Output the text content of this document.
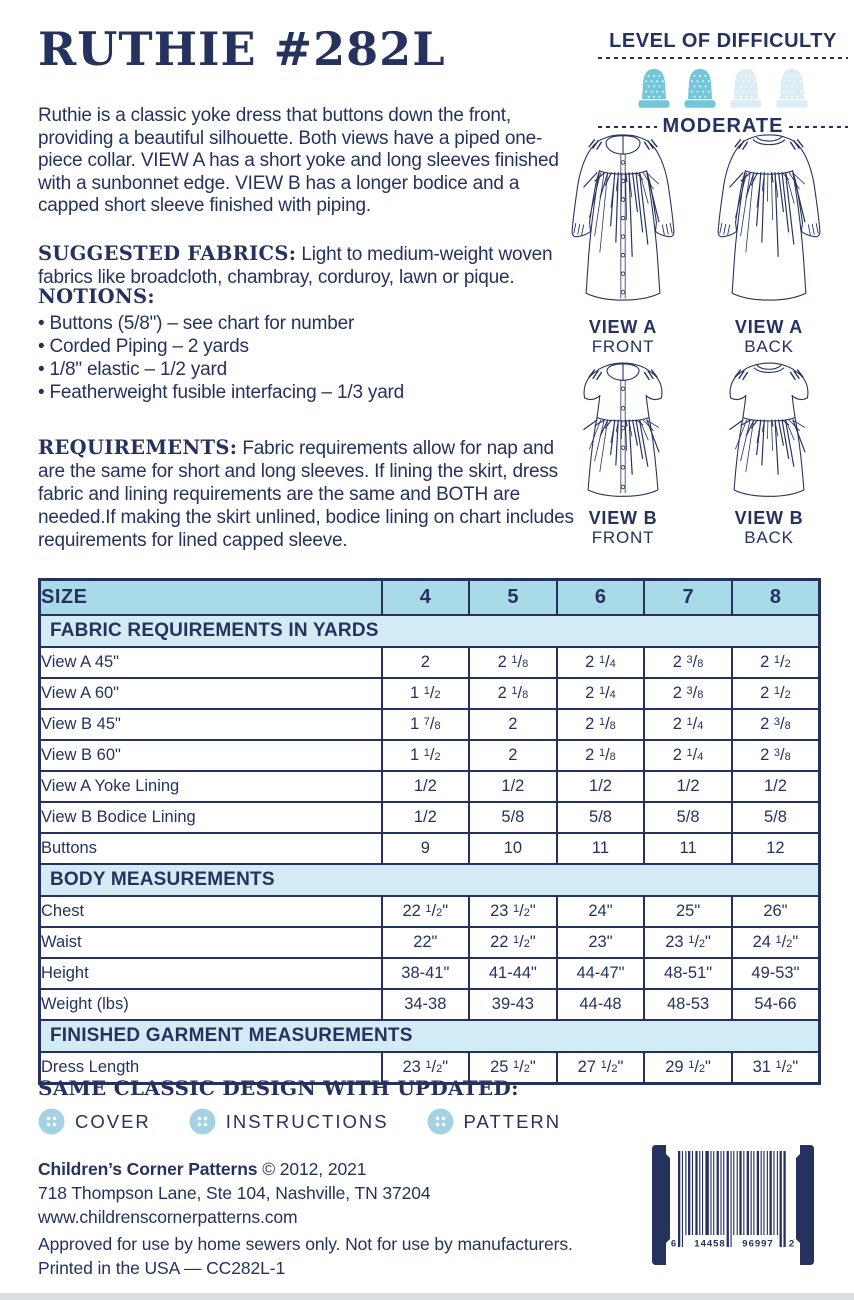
RUTHIE #282L

Ruthie is a classic yoke dress that buttons down the front, providing a beautiful silhouette. Both views have a piped one-piece collar. VIEW A has a short yoke and long sleeves finished with a sunbonnet edge. VIEW B has a longer bodice and a capped short sleeve finished with piping.

SUGGESTED FABRICS: Light to medium-weight woven fabrics like broadcloth, chambray, corduroy, lawn or pique.

NOTIONS:
• Buttons (5/8") – see chart for number
• Corded Piping – 2 yards
• 1/8" elastic – 1/2 yard
• Featherweight fusible interfacing – 1/3 yard

REQUIREMENTS: Fabric requirements allow for nap and are the same for short and long sleeves. If lining the skirt, dress fabric and lining requirements are the same and BOTH are needed.If making the skirt unlined, bodice lining on chart includes requirements for lined capped sleeve.

LEVEL OF DIFFICULTY
MODERATE
VIEW A
FRONT
VIEW A
BACK
VIEW B
FRONT
VIEW B
BACK
SIZE	4	5	6	7	8
FABRIC REQUIREMENTS IN YARDS					
View A 45"	2	2 $^1$/8	2 $^1$/4	2 $^3$/8	2 $^1$/2
View A 60"	1 $^1$/2	2 $^1$/8	2 $^1$/4	2 $^3$/8	2 $^1$/2
View B 45"	1 $^7$/8	2	2 $^1$/8	2 $^1$/4	2 $^3$/8
View B 60"	1 $^1$/2	2	2 $^1$/8	2 $^1$/4	2 $^3$/8
View A Yoke Lining	1/2	1/2	1/2	1/2	1/2
View B Bodice Lining	1/2	5/8	5/8	5/8	5/8
Buttons	9	10	11	11	12
BODY MEASUREMENTS					
Chest	22 $^1$/2"	23 $^1$/2"	24"	25"	26"
Waist	22"	22 $^1$/2"	23"	23 $^1$/2"	24 $^1$/2"
Height	38-41"	41-44"	44-47"	48-51"	49-53"
Weight (lbs)	34-38	39-43	44-48	48-53	54-66
FINISHED GARMENT MEASUREMENTS					
Dress Length	23 $^1$/2"	25 $^1$/2"	27 $^1$/2"	29 $^1$/2"	31 $^1$/2"
SAME CLASSIC DESIGN WITH UPDATED:
COVER	INSTRUCTIONS	PATTERN
Children’s Corner Patterns © 2012, 2021
718 Thompson Lane, Ste 104, Nashville, TN 37204
www.childrenscornerpatterns.com
Approved for use by home sewers only. Not for use by manufacturers.
Printed in the USA — CC282L-1
6 14458 96997 2
